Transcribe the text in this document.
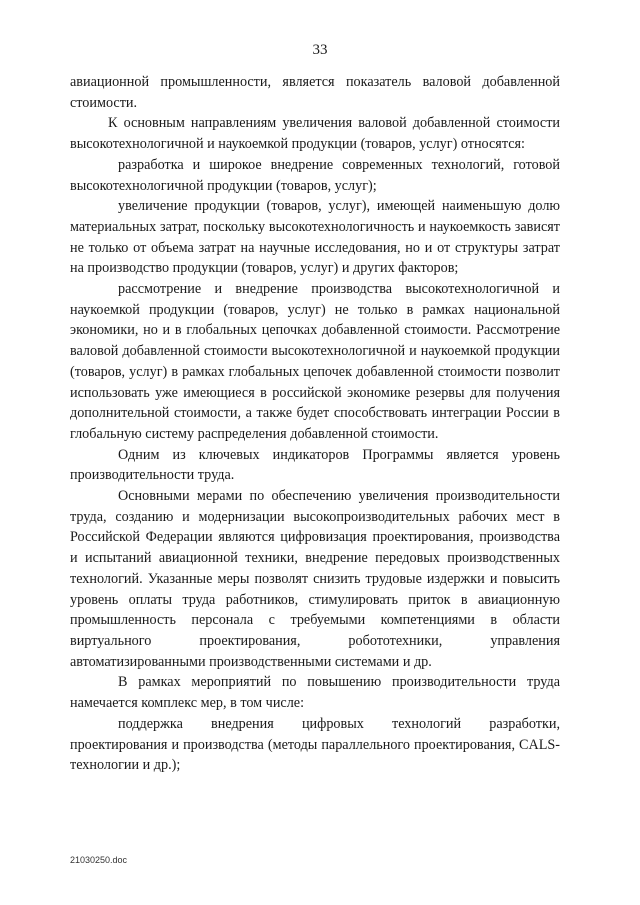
33

авиационной промышленности, является показатель валовой добавленной стоимости.

К основным направлениям увеличения валовой добавленной стоимости высокотехнологичной и наукоемкой продукции (товаров, услуг) относятся:

разработка и широкое внедрение современных технологий, готовой высокотехнологичной продукции (товаров, услуг);

увеличение продукции (товаров, услуг), имеющей наименьшую долю материальных затрат, поскольку высокотехнологичность и наукоемкость зависят не только от объема затрат на научные исследования, но и от структуры затрат на производство продукции (товаров, услуг) и других факторов;

рассмотрение и внедрение производства высокотехнологичной и наукоемкой продукции (товаров, услуг) не только в рамках национальной экономики, но и в глобальных цепочках добавленной стоимости. Рассмотрение валовой добавленной стоимости высокотехнологичной и наукоемкой продукции (товаров, услуг) в рамках глобальных цепочек добавленной стоимости позволит использовать уже имеющиеся в российской экономике резервы для получения дополнительной стоимости, а также будет способствовать интеграции России в глобальную систему распределения добавленной стоимости.

Одним из ключевых индикаторов Программы является уровень производительности труда.

Основными мерами по обеспечению увеличения производительности труда, созданию и модернизации высокопроизводительных рабочих мест в Российской Федерации являются цифровизация проектирования, производства и испытаний авиационной техники, внедрение передовых производственных технологий. Указанные меры позволят снизить трудовые издержки и повысить уровень оплаты труда работников, стимулировать приток в авиационную промышленность персонала с требуемыми компетенциями в области виртуального проектирования, робототехники, управления автоматизированными производственными системами и др.

В рамках мероприятий по повышению производительности труда намечается комплекс мер, в том числе:

поддержка внедрения цифровых технологий разработки, проектирования и производства (методы параллельного проектирования, CALS-технологии и др.);

21030250.doc
